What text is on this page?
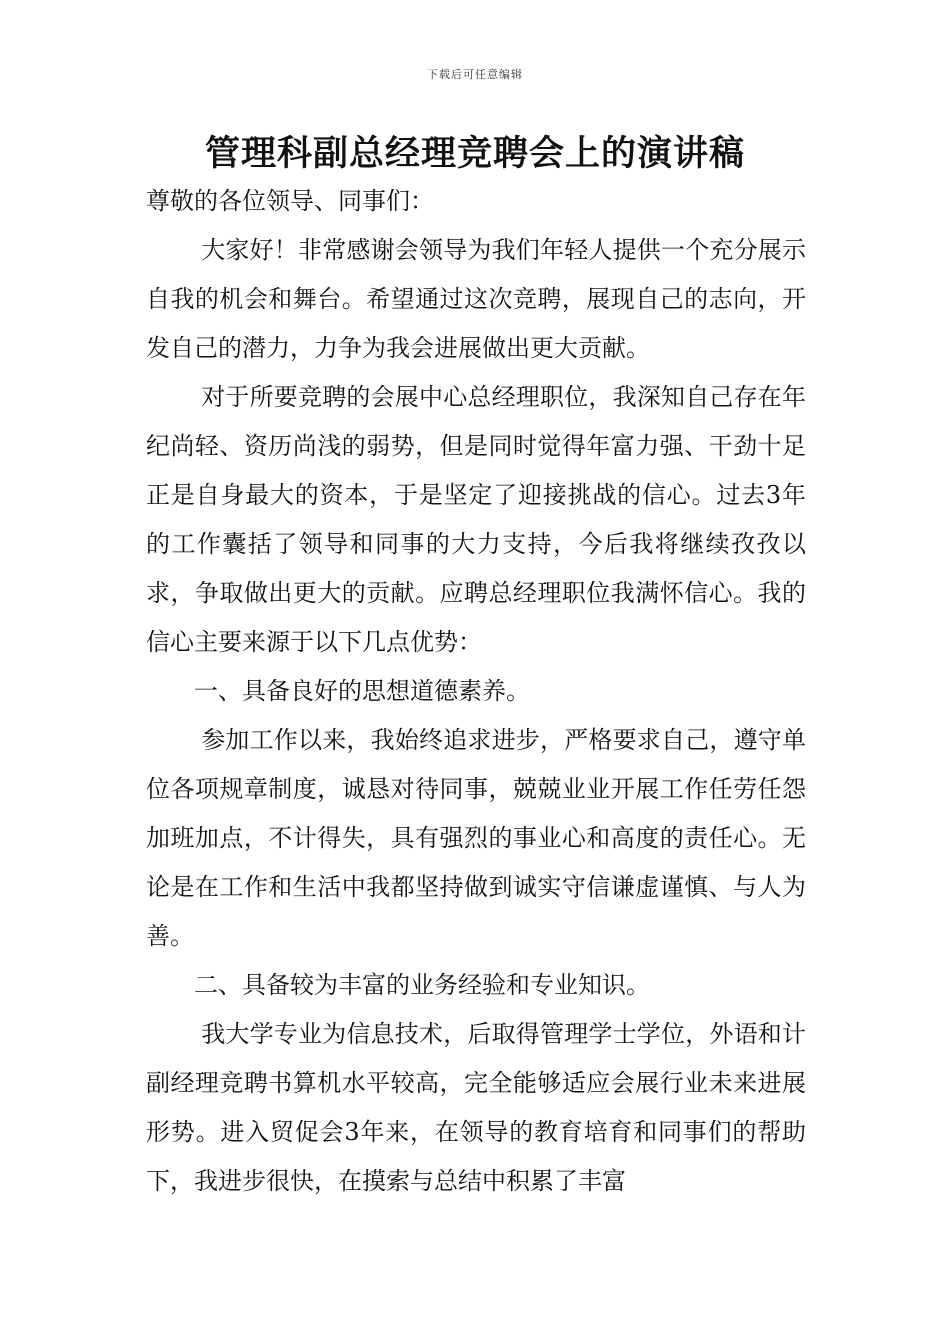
下载后可任意编辑
管理科副总经理竞聘会上的演讲稿

尊敬的各位领导、同事们：

大家好！非常感谢会领导为我们年轻人提供一个充分展示自我的机会和舞台。希望通过这次竞聘，展现自己的志向，开发自己的潜力，力争为我会进展做出更大贡献。

对于所要竞聘的会展中心总经理职位，我深知自己存在年纪尚轻、资历尚浅的弱势，但是同时觉得年富力强、干劲十足正是自身最大的资本，于是坚定了迎接挑战的信心。过去3年的工作囊括了领导和同事的大力支持，今后我将继续孜孜以求，争取做出更大的贡献。应聘总经理职位我满怀信心。我的信心主要来源于以下几点优势：

一、具备良好的思想道德素养。

参加工作以来，我始终追求进步，严格要求自己，遵守单位各项规章制度，诚恳对待同事，兢兢业业开展工作任劳任怨加班加点，不计得失，具有强烈的事业心和高度的责任心。无论是在工作和生活中我都坚持做到诚实守信谦虚谨慎、与人为善。

二、具备较为丰富的业务经验和专业知识。

我大学专业为信息技术，后取得管理学士学位，外语和计副经理竞聘书算机水平较高，完全能够适应会展行业未来进展形势。进入贸促会3年来，在领导的教育培育和同事们的帮助下，我进步很快，在摸索与总结中积累了丰富
